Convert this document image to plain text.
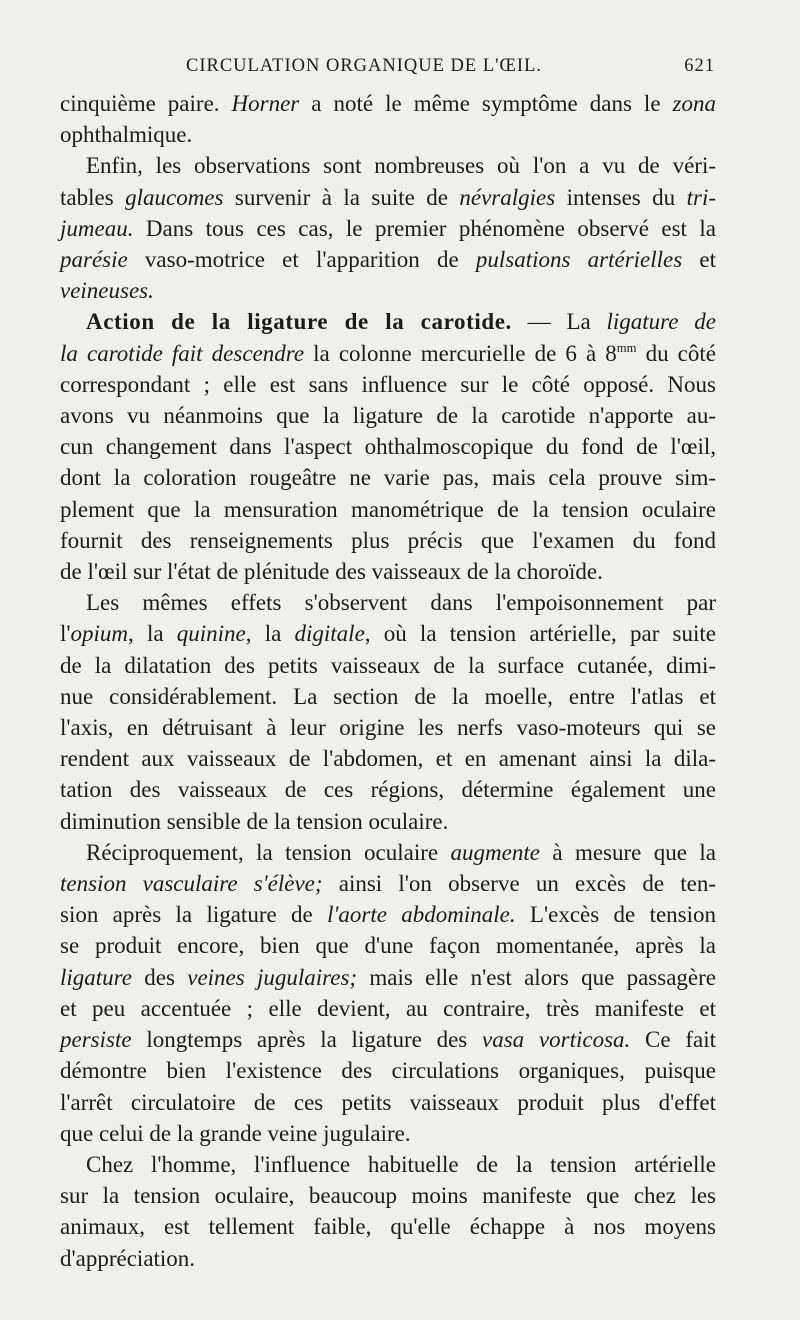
CIRCULATION ORGANIQUE DE L'ŒIL.	621
cinquième paire. Horner a noté le même symptôme dans le zona
ophthalmique.
Enfin, les observations sont nombreuses où l'on a vu de véri-
tables glaucomes survenir à la suite de névralgies intenses du tri-
jumeau. Dans tous ces cas, le premier phénomène observé est la
parésie vaso-motrice et l'apparition de pulsations artérielles et
veineuses.
Action de la ligature de la carotide. — La ligature de
la carotide fait descendre la colonne mercurielle de 6 à $8^{mm}$ du côté
correspondant ; elle est sans influence sur le côté opposé. Nous
avons vu néanmoins que la ligature de la carotide n'apporte au-
cun changement dans l'aspect ohthalmoscopique du fond de l'œil,
dont la coloration rougeâtre ne varie pas, mais cela prouve sim-
plement que la mensuration manométrique de la tension oculaire
fournit des renseignements plus précis que l'examen du fond
de l'œil sur l'état de plénitude des vaisseaux de la choroïde.
Les mêmes effets s'observent dans l'empoisonnement par
l'opium, la quinine, la digitale, où la tension artérielle, par suite
de la dilatation des petits vaisseaux de la surface cutanée, dimi-
nue considérablement. La section de la moelle, entre l'atlas et
l'axis, en détruisant à leur origine les nerfs vaso-moteurs qui se
rendent aux vaisseaux de l'abdomen, et en amenant ainsi la dila-
tation des vaisseaux de ces régions, détermine également une
diminution sensible de la tension oculaire.
Réciproquement, la tension oculaire augmente à mesure que la
tension vasculaire s'élève; ainsi l'on observe un excès de ten-
sion après la ligature de l'aorte abdominale. L'excès de tension
se produit encore, bien que d'une façon momentanée, après la
ligature des veines jugulaires; mais elle n'est alors que passagère
et peu accentuée ; elle devient, au contraire, très manifeste et
persiste longtemps après la ligature des vasa vorticosa. Ce fait
démontre bien l'existence des circulations organiques, puisque
l'arrêt circulatoire de ces petits vaisseaux produit plus d'effet
que celui de la grande veine jugulaire.
Chez l'homme, l'influence habituelle de la tension artérielle
sur la tension oculaire, beaucoup moins manifeste que chez les
animaux, est tellement faible, qu'elle échappe à nos moyens
d'appréciation.
